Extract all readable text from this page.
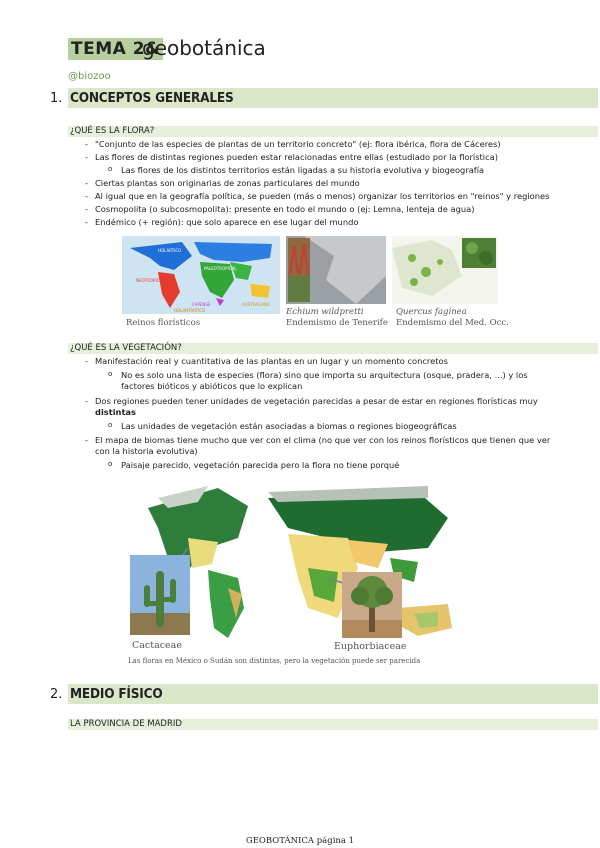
TEMA 2&
geobotánica
@biozoo
1. CONCEPTOS GENERALES
¿QUÉ ES LA FLORA?
- "Conjunto de las especies de plantas de un territorio concreto" (ej: flora ibérica, flora de Cáceres)
- Las flores de distintas regiones pueden estar relacionadas entre ellas (estudiado por la florística)
o Las flores de los distintos territorios están ligadas a su historia evolutiva y biogeografía
- Ciertas plantas son originarias de zonas particulares del mundo
- Al igual que en la geografía política, se pueden (más o menos) organizar los territorios en "reinos" y regiones
- Cosmopolita (o subcosmopolita): presente en todo el mundo o (ej: Lemna, lenteja de agua)
- Endémico (+ región): que solo aparece en ese lugar del mundo
HOLÁRTICO
PALEOTROPICAL
NEOTROPICAL
CAPENSE	AUSTRALIANO
HOLANTÁRTICO
Reinos florísticos
Echium wildpretti
Endemismo de Tenerife
Quercus fagínea
Endemismo del Med. Occ.
¿QUÉ ES LA VEGETACIÓN?
- Manifestación real y cuantitativa de las plantas en un lugar y un momento concretos
o No es solo una lista de especies (flora) sino que importa su arquitectura (osque, pradera, ...) y los
factores bióticos y abióticos que lo explican
- Dos regiones pueden tener unidades de vegetación parecidas a pesar de estar en regiones florísticas muy
distintas
o Las unidades de vegetación están asociadas a biomas o regiones biogeográficas
- El mapa de biomas tiene mucho que ver con el clima (no que ver con los reinos florísticos que tienen que ver
con la historia evolutiva)
o Paisaje parecido, vegetación parecida pero la flora no tiene porqué
Cactaceae	Euphorbiaceae
Las floras en México o Sudán son distintas, pero la vegetación puede ser parecida
2. MEDIO FÍSICO
LA PROVINCIA DE MADRID
GEOBOTÁNICA página 1
